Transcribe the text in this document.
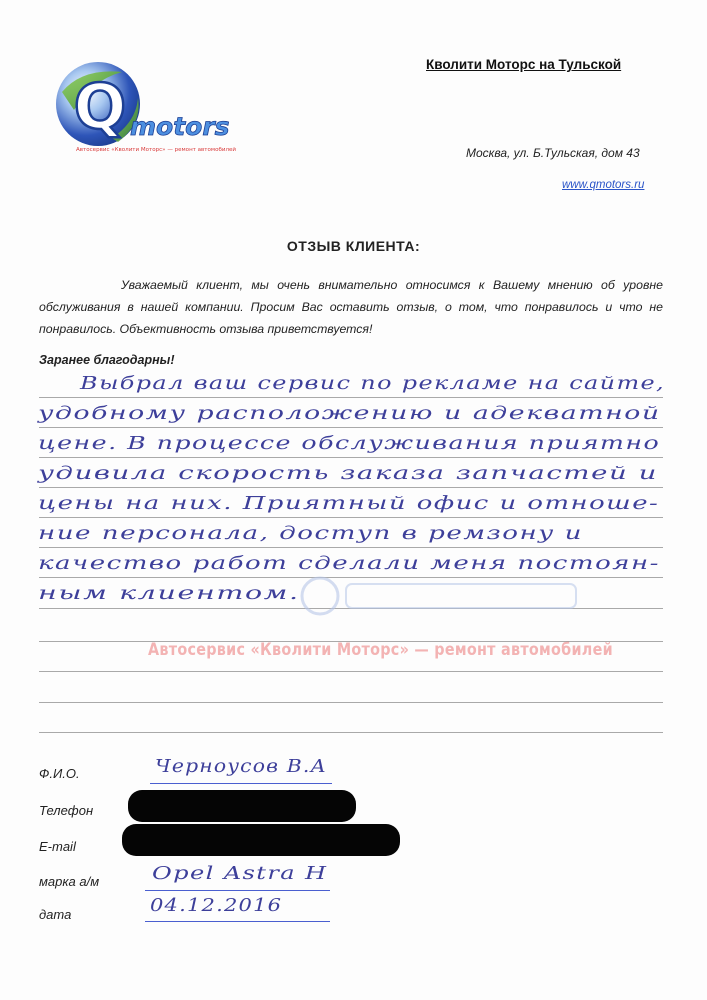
Q motors
Автосервис «Кволити Моторс» — ремонт автомобилей
Кволити Моторс на Тульской
Москва, ул. Б.Тульская, дом 43
www.qmotors.ru
ОТЗЫВ КЛИЕНТА:
Уважаемый клиент, мы очень внимательно относимся к Вашему мнению об уровне обслуживания в нашей компании. Просим Вас оставить отзыв, о том, что понравилось и что не понравилось. Объективность отзыва приветствуется!
Заранее благодарны!
Выбрал ваш сервис по рекламе на сайте,
удобному расположению и адекватной
цене. В процессе обслуживания приятно
удивила скорость заказа запчастей и
цены на них. Приятный офис и отноше-
ние персонала, доступ в ремзону и
качество работ сделали меня постоян-
ным клиентом.
Автосервис «Кволити Моторс» — ремонт автомобилей
Ф.И.О.	Черноусов В.А
Телефон
E-mail
марка а/м	Opel Astra H
дата	04.12.2016
